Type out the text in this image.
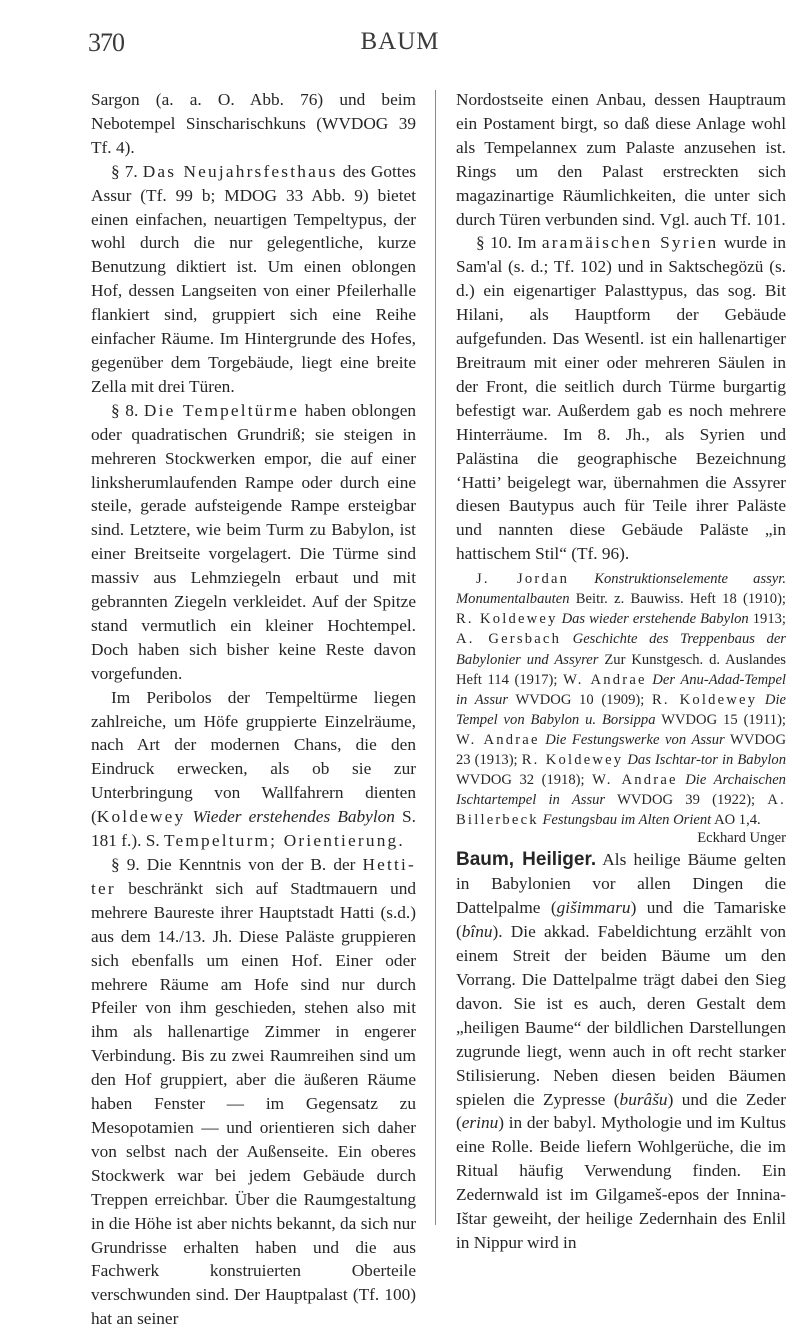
370	BAUM

Sargon (a. a. O. Abb. 76) und beim Nebotempel Sinscharischkuns (WVDOG 39 Tf. 4).

§ 7. Das Neujahrsfesthaus des Gottes Assur (Tf. 99 b; MDOG 33 Abb. 9) bietet einen einfachen, neuartigen Tempeltypus, der wohl durch die nur gelegentliche, kurze Benutzung diktiert ist. Um einen oblongen Hof, dessen Langseiten von einer Pfeilerhalle flankiert sind, gruppiert sich eine Reihe einfacher Räume. Im Hintergrunde des Hofes, gegenüber dem Torgebäude, liegt eine breite Zella mit drei Türen.

§ 8. Die Tempeltürme haben oblongen oder quadratischen Grundriß; sie steigen in mehreren Stockwerken empor, die auf einer linksherumlaufenden Rampe oder durch eine steile, gerade aufsteigende Rampe ersteigbar sind. Letztere, wie beim Turm zu Babylon, ist einer Breitseite vorgelagert. Die Türme sind massiv aus Lehmziegeln erbaut und mit gebrannten Ziegeln verkleidet. Auf der Spitze stand vermutlich ein kleiner Hochtempel. Doch haben sich bisher keine Reste davon vorgefunden.

Im Peribolos der Tempeltürme liegen zahlreiche, um Höfe gruppierte Einzelräume, nach Art der modernen Chans, die den Eindruck erwecken, als ob sie zur Unterbringung von Wallfahrern dienten (Koldewey Wieder erstehendes Babylon S. 181 f.). S. Tempelturm; Orientierung.

§ 9. Die Kenntnis von der B. der Hetti-ter beschränkt sich auf Stadtmauern und mehrere Baureste ihrer Hauptstadt Hatti (s.d.) aus dem 14./13. Jh. Diese Paläste gruppieren sich ebenfalls um einen Hof. Einer oder mehrere Räume am Hofe sind nur durch Pfeiler von ihm geschieden, stehen also mit ihm als hallenartige Zimmer in engerer Verbindung. Bis zu zwei Raumreihen sind um den Hof gruppiert, aber die äußeren Räume haben Fenster — im Gegensatz zu Mesopotamien — und orientieren sich daher von selbst nach der Außenseite. Ein oberes Stockwerk war bei jedem Gebäude durch Treppen erreichbar. Über die Raumgestaltung in die Höhe ist aber nichts bekannt, da sich nur Grundrisse erhalten haben und die aus Fachwerk konstruierten Oberteile verschwunden sind. Der Hauptpalast (Tf. 100) hat an seiner

Nordostseite einen Anbau, dessen Hauptraum ein Postament birgt, so daß diese Anlage wohl als Tempelannex zum Palaste anzusehen ist. Rings um den Palast erstreckten sich magazinartige Räumlichkeiten, die unter sich durch Türen verbunden sind. Vgl. auch Tf. 101.

§ 10. Im aramäischen Syrien wurde in Sam'al (s. d.; Tf. 102) und in Saktschegözü (s. d.) ein eigenartiger Palasttypus, das sog. Bit Hilani, als Hauptform der Gebäude aufgefunden. Das Wesentl. ist ein hallenartiger Breitraum mit einer oder mehreren Säulen in der Front, die seitlich durch Türme burgartig befestigt war. Außerdem gab es noch mehrere Hinterräume. Im 8. Jh., als Syrien und Palästina die geographische Bezeichnung ‘Hatti’ beigelegt war, übernahmen die Assyrer diesen Bautypus auch für Teile ihrer Paläste und nannten diese Gebäude Paläste „in hattischem Stil“ (Tf. 96).

J. Jordan Konstruktionselemente assyr. Monumentalbauten Beitr. z. Bauwiss. Heft 18 (1910); R. Koldewey Das wieder erstehende Babylon 1913; A. Gersbach Geschichte des Treppenbaus der Babylonier und Assyrer Zur Kunstgesch. d. Auslandes Heft 114 (1917); W. Andrae Der Anu-Adad-Tempel in Assur WVDOG 10 (1909); R. Koldewey Die Tempel von Babylon u. Borsippa WVDOG 15 (1911); W. Andrae Die Festungswerke von Assur WVDOG 23 (1913); R. Koldewey Das Ischtar-tor in Babylon WVDOG 32 (1918); W. Andrae Die Archaischen Ischtartempel in Assur WVDOG 39 (1922); A. Billerbeck Festungsbau im Alten Orient AO 1,4.
Eckhard Unger

Baum, Heiliger. Als heilige Bäume gelten in Babylonien vor allen Dingen die Dattelpalme (gišimmaru) und die Tamariske (bînu). Die akkad. Fabeldichtung erzählt von einem Streit der beiden Bäume um den Vorrang. Die Dattelpalme trägt dabei den Sieg davon. Sie ist es auch, deren Gestalt dem „heiligen Baume“ der bildlichen Darstellungen zugrunde liegt, wenn auch in oft recht starker Stilisierung. Neben diesen beiden Bäumen spielen die Zypresse (burâšu) und die Zeder (erinu) in der babyl. Mythologie und im Kultus eine Rolle. Beide liefern Wohlgerüche, die im Ritual häufig Verwendung finden. Ein Zedernwald ist im Gilgameš-epos der Innina-Ištar geweiht, der heilige Zedernhain des Enlil in Nippur wird in
